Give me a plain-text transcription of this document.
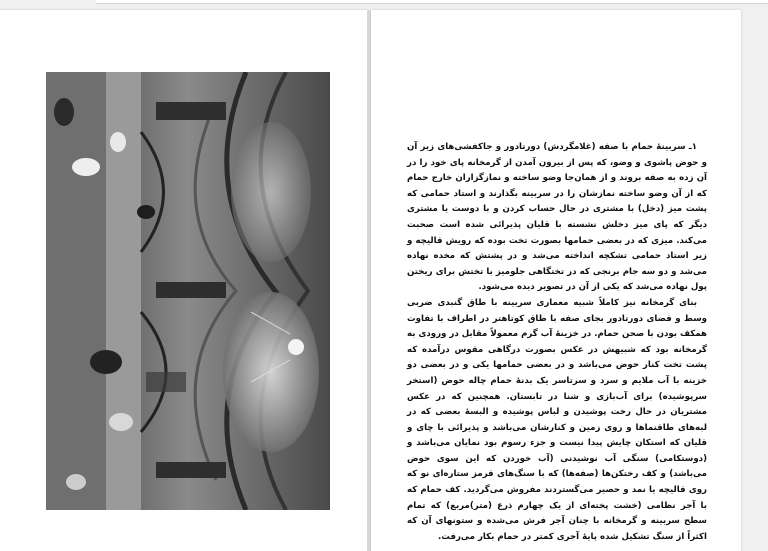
۱ـ سربینهٔ حمام با صفه (غلامگردش) دورتادور و جاکفشی‌های زیر آن و حوض پاشوی و وضو، که پس از بیرون آمدن از گرمخانه پای خود را در آن زده به صفه بروند و از همان‌جا وضو ساخته و نمازگزاران خارج حمام که از آن وضو ساخته نمازشان را در سربینه بگذارند و استاد حمامی که پشت میز (دخل) با مشتری در حال حساب کردن و با دوست یا مشتری دیگر که پای میز دخلش نشسته با قلیان پذیرائی شده است صحبت می‌کند. میزی که در بعضی حمامها بصورت تخت بوده که رویش قالیچه و زیر استاد حمامی تشکچه انداخته می‌شد و در پشتش که مخده نهاده می‌شد و دو سه جام برنجی که در تختگاهی جلومیز با تختش برای ریختن پول نهاده می‌شد که یکی از آن در تصویر دیده می‌شود.

بنای گرمخانه نیز کاملاً شبیه معماری سربینه با طاق گنبدی ضربی وسط و فضای دورتادور بجای صفه با طاق کوتاهتر در اطراف با تفاوت همکف بودن با صحن حمام. در خزینهٔ آب گرم معمولاً مقابل در ورودی به گرمخانه بود که شبیهش در عکس بصورت درگاهی مقوس درآمده که پشت تخت کنار حوض می‌باشد و در بعضی حمامها یکی و در بعضی دو خزینه با آب ملایم و سرد و سرتاسر یک بدنهٔ حمام چاله حوض (استخر سرپوشیده) برای آب‌بازی و شنا در تابستان. همچنین که در عکس مشتریان در حال رخت پوشیدن و لباس پوشیده و البسهٔ بعضی که در لبه‌های طاقنماها و روی زمین و کنارشان می‌باشد و پذیرائی با چای و قلیان که استکان چایش پیدا نیست و جزء رسوم بود نمایان می‌باشد و (دوستکامی) سنگی آب نوشیدنی (آب خوردن که این سوی حوض می‌باشد) و کف رختکن‌ها (صفه‌ها) که با سنگ‌های قرمز ستاره‌ای نو که روی قالیچه یا نمد و حصیر می‌گستردند مفروش می‌گردید. کف حمام که با آجر نظامی (خشت پخته‌ای از یک چهارم ذرع (متر)مربع) که تمام سطح سربینه و گرمخانه با چنان آجر فرش می‌شده و ستونهای آن که اکثراً از سنگ تشکیل شده پایهٔ آجری کمتر در حمام بکار می‌رفت.
